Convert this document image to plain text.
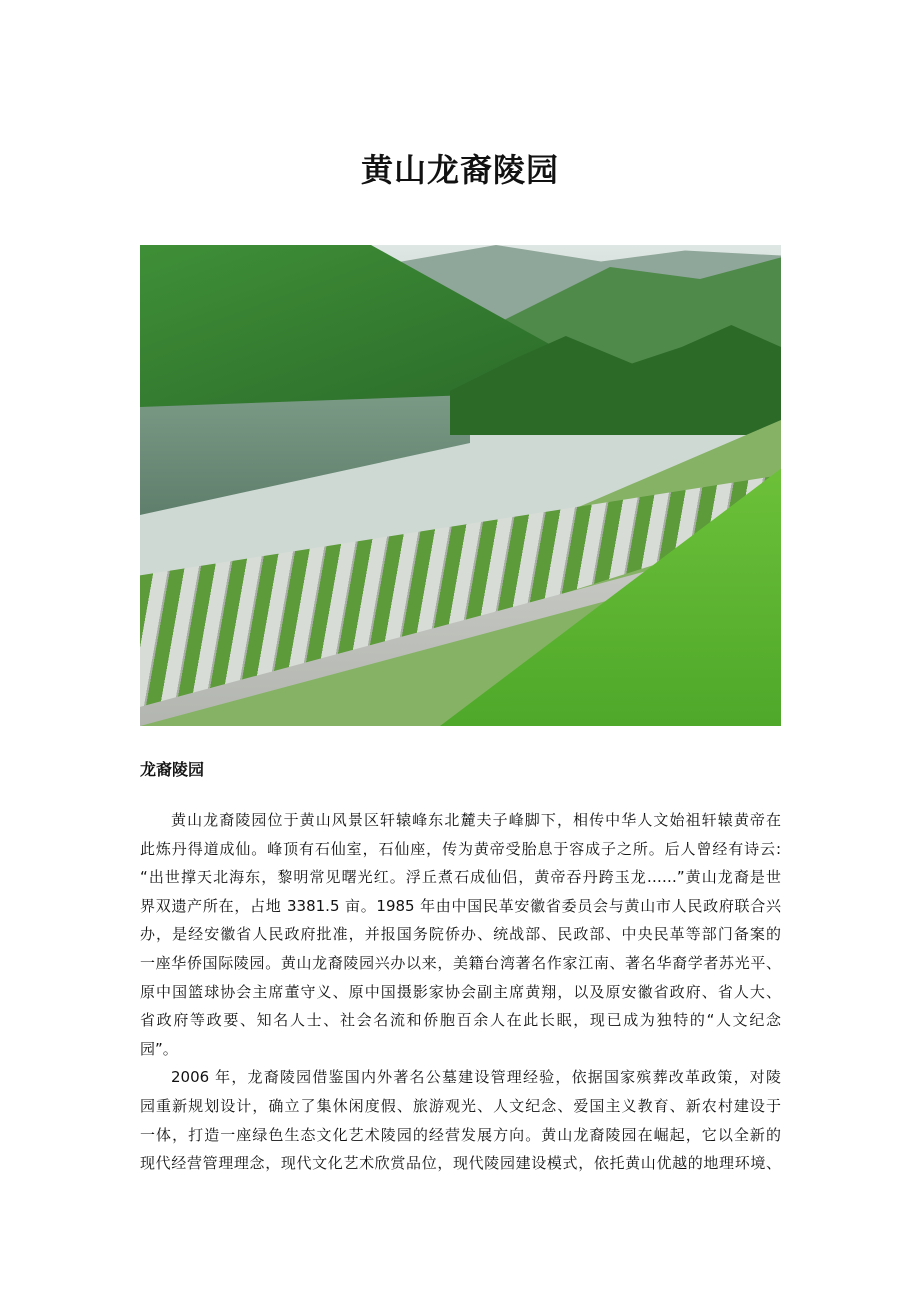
黄山龙裔陵园
龙裔陵园

黄山龙裔陵园位于黄山风景区轩辕峰东北麓夫子峰脚下，相传中华人文始祖轩辕黄帝在
此炼丹得道成仙。峰顶有石仙室，石仙座，传为黄帝受胎息于容成子之所。后人曾经有诗云:
“出世撑天北海东，黎明常见曙光红。浮丘煮石成仙侣，黄帝吞丹跨玉龙……”黄山龙裔是世
界双遗产所在，占地 3381.5 亩。1985 年由中国民革安徽省委员会与黄山市人民政府联合兴
办，是经安徽省人民政府批准，并报国务院侨办、统战部、民政部、中央民革等部门备案的
一座华侨国际陵园。黄山龙裔陵园兴办以来，美籍台湾著名作家江南、著名华裔学者苏光平、
原中国篮球协会主席董守义、原中国摄影家协会副主席黄翔，以及原安徽省政府、省人大、
省政府等政要、知名人士、社会名流和侨胞百余人在此长眠，现已成为独特的“人文纪念
园”。

2006 年，龙裔陵园借鉴国内外著名公墓建设管理经验，依据国家殡葬改革政策，对陵
园重新规划设计，确立了集休闲度假、旅游观光、人文纪念、爱国主义教育、新农村建设于
一体，打造一座绿色生态文化艺术陵园的经营发展方向。黄山龙裔陵园在崛起，它以全新的
现代经营管理理念，现代文化艺术欣赏品位，现代陵园建设模式，依托黄山优越的地理环境、
